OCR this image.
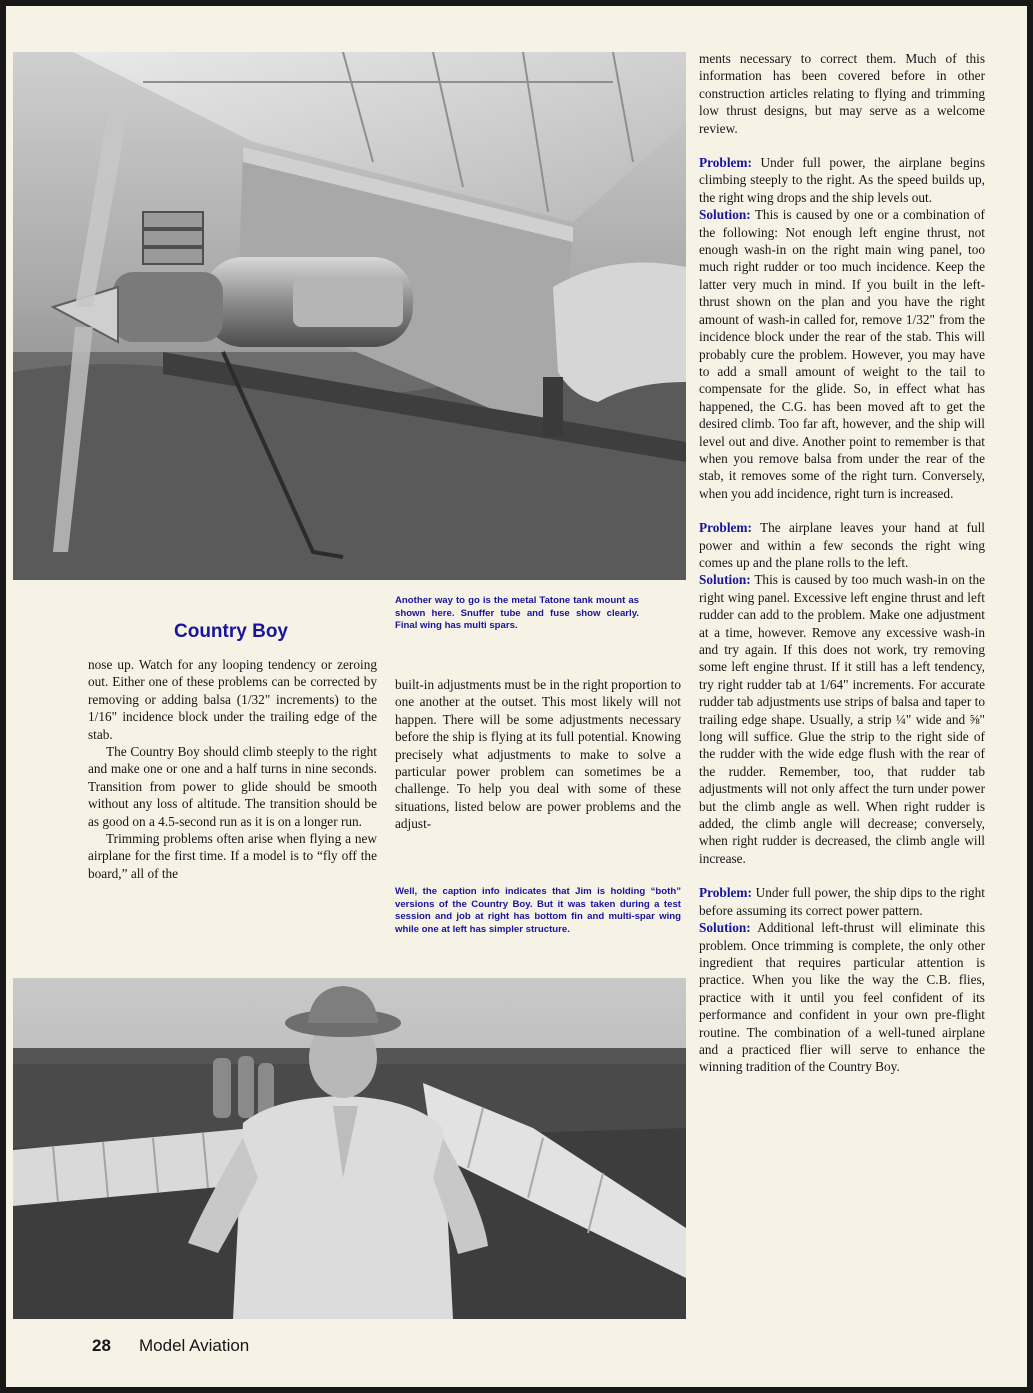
Another way to go is the metal Tatone tank mount as shown here. Snuffer tube and fuse show clearly. Final wing has multi spars.
Country Boy

nose up. Watch for any looping tendency or zeroing out. Either one of these problems can be corrected by removing or adding balsa (1/32" increments) to the 1/16" incidence block under the trailing edge of the stab.

The Country Boy should climb steeply to the right and make one or one and a half turns in nine seconds. Transition from power to glide should be smooth without any loss of altitude. The transition should be as good on a 4.5-second run as it is on a longer run.

Trimming problems often arise when flying a new airplane for the first time. If a model is to “fly off the board,” all of the

built-in adjustments must be in the right proportion to one another at the outset. This most likely will not happen. There will be some adjustments necessary before the ship is flying at its full potential. Knowing precisely what adjustments to make to solve a particular power problem can sometimes be a challenge. To help you deal with some of these situations, listed below are power problems and the adjust-

Well, the caption info indicates that Jim is holding “both” versions of the Country Boy. But it was taken during a test session and job at right has bottom fin and multi-spar wing while one at left has simpler structure.

ments necessary to correct them. Much of this information has been covered before in other construction articles relating to flying and trimming low thrust designs, but may serve as a welcome review.

Problem: Under full power, the airplane begins climbing steeply to the right. As the speed builds up, the right wing drops and the ship levels out.

Solution: This is caused by one or a combination of the following: Not enough left engine thrust, not enough wash-in on the right main wing panel, too much right rudder or too much incidence. Keep the latter very much in mind. If you built in the left-thrust shown on the plan and you have the right amount of wash-in called for, remove 1/32" from the incidence block under the rear of the stab. This will probably cure the problem. However, you may have to add a small amount of weight to the tail to compensate for the glide. So, in effect what has happened, the C.G. has been moved aft to get the desired climb. Too far aft, however, and the ship will level out and dive. Another point to remember is that when you remove balsa from under the rear of the stab, it removes some of the right turn. Conversely, when you add incidence, right turn is increased.

Problem: The airplane leaves your hand at full power and within a few seconds the right wing comes up and the plane rolls to the left.

Solution: This is caused by too much wash-in on the right wing panel. Excessive left engine thrust and left rudder can add to the problem. Make one adjustment at a time, however. Remove any excessive wash-in and try again. If this does not work, try removing some left engine thrust. If it still has a left tendency, try right rudder tab at 1/64" increments. For accurate rudder tab adjustments use strips of balsa and taper to trailing edge shape. Usually, a strip ¼" wide and ⅝" long will suffice. Glue the strip to the right side of the rudder with the wide edge flush with the rear of the rudder. Remember, too, that rudder tab adjustments will not only affect the turn under power but the climb angle as well. When right rudder is added, the climb angle will decrease; conversely, when right rudder is decreased, the climb angle will increase.

Problem: Under full power, the ship dips to the right before assuming its correct power pattern.

Solution: Additional left-thrust will eliminate this problem. Once trimming is complete, the only other ingredient that requires particular attention is practice. When you like the way the C.B. flies, practice with it until you feel confident of its performance and confident in your own pre-flight routine. The combination of a well-tuned airplane and a practiced flier will serve to enhance the winning tradition of the Country Boy.

28 Model Aviation
